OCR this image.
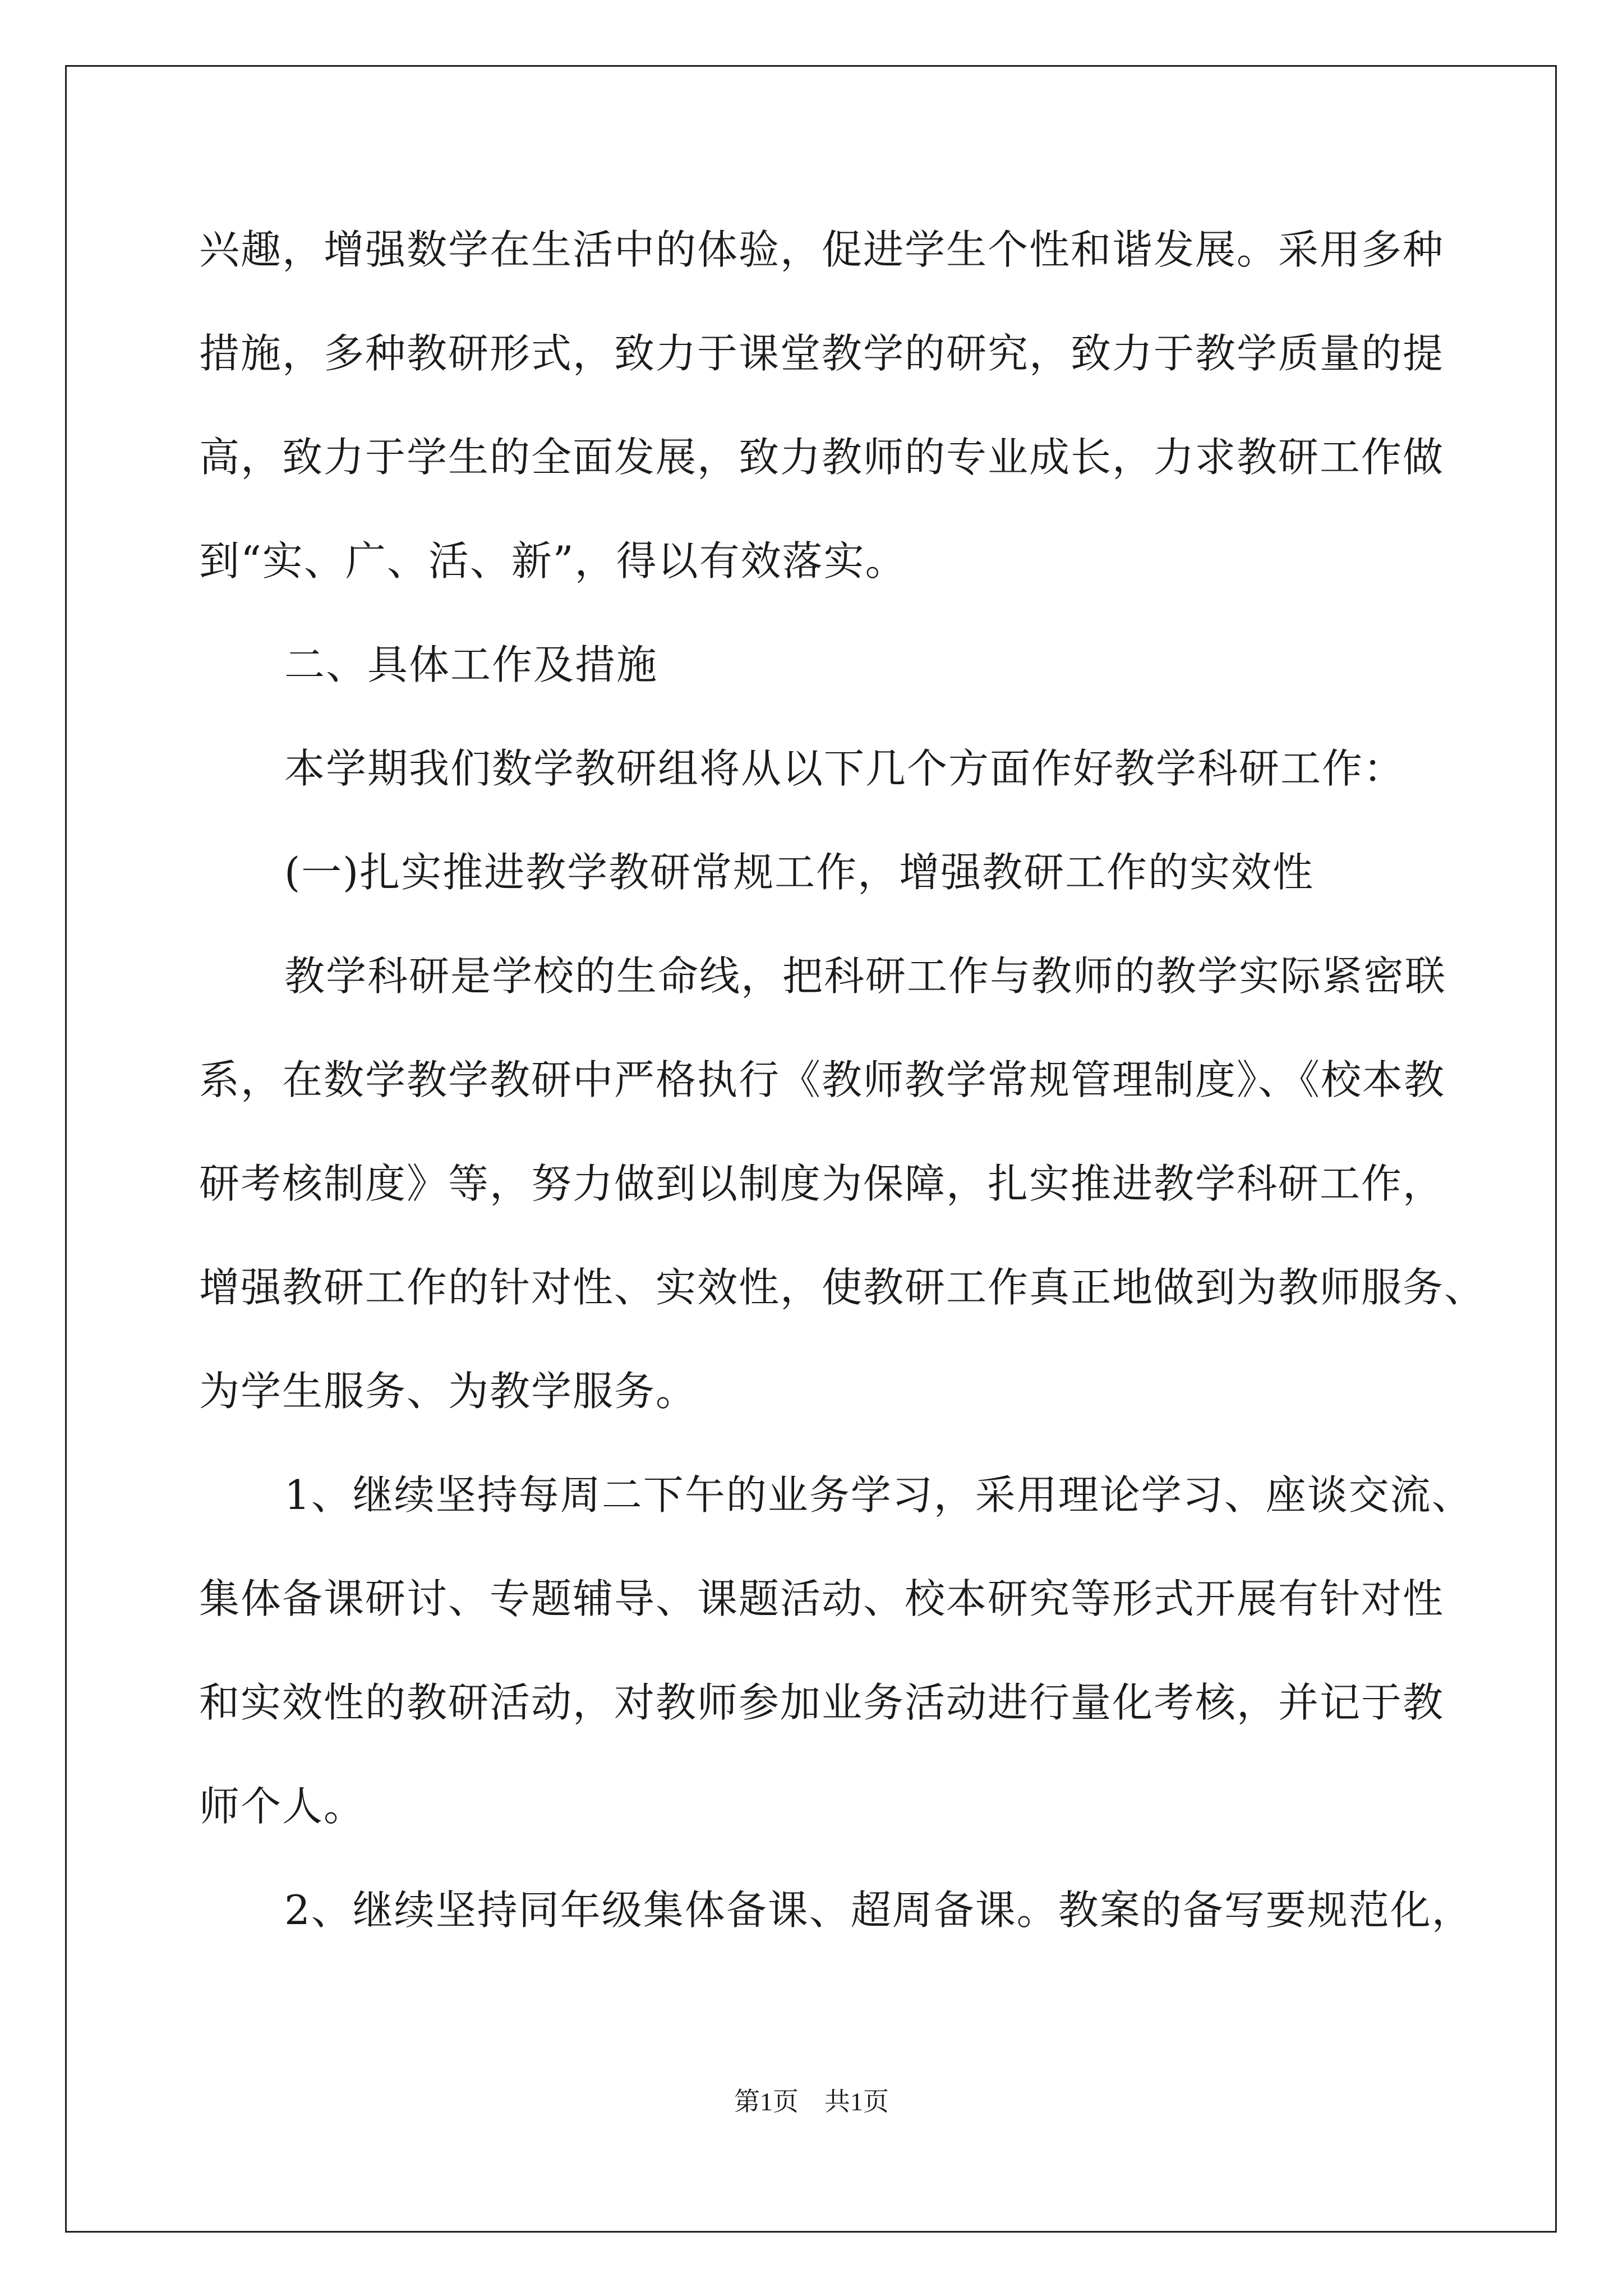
兴趣，增强数学在生活中的体验，促进学生个性和谐发展。采用多种
措施，多种教研形式，致力于课堂教学的研究，致力于教学质量的提
高，致力于学生的全面发展，致力教师的专业成长，力求教研工作做
到“实、广、活、新”，得以有效落实。
二、具体工作及措施
本学期我们数学教研组将从以下几个方面作好教学科研工作：
(一)扎实推进教学教研常规工作，增强教研工作的实效性
教学科研是学校的生命线，把科研工作与教师的教学实际紧密联
系，在数学教学教研中严格执行《教师教学常规管理制度》、《校本教
研考核制度》等，努力做到以制度为保障，扎实推进教学科研工作，
增强教研工作的针对性、实效性，使教研工作真正地做到为教师服务、
为学生服务、为教学服务。
1、继续坚持每周二下午的业务学习，采用理论学习、座谈交流、
集体备课研讨、专题辅导、课题活动、校本研究等形式开展有针对性
和实效性的教研活动，对教师参加业务活动进行量化考核，并记于教
师个人。
2、继续坚持同年级集体备课、超周备课。教案的备写要规范化，
第1页　共1页
